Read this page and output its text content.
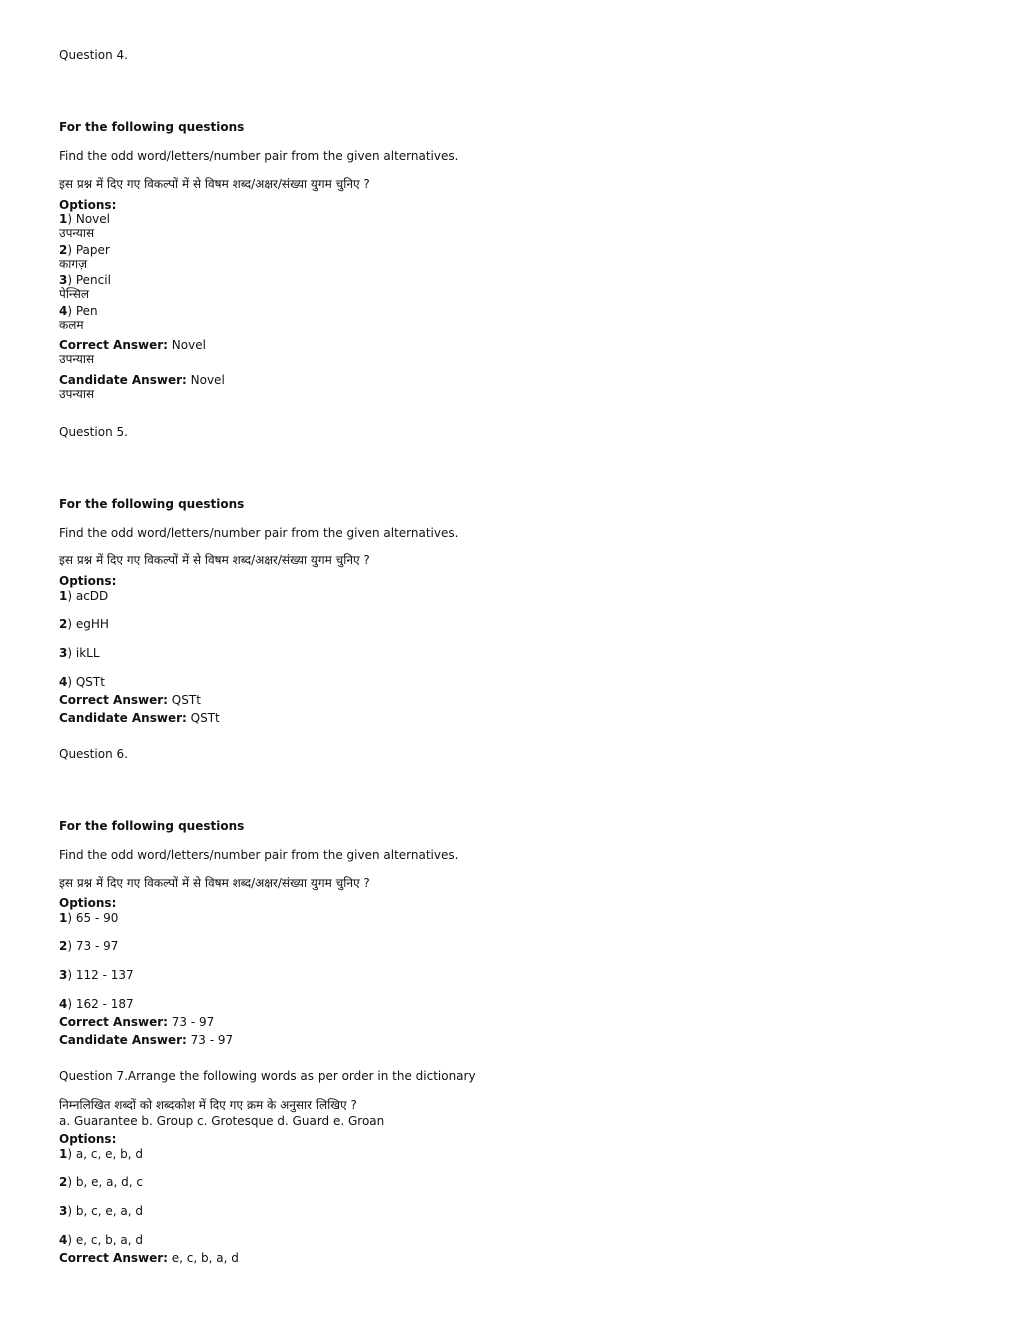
Question 4.
For the following questions
Find the odd word/letters/number pair from the given alternatives.
इस प्रश्न में दिए गए विकल्पों में से विषम शब्द/अक्षर/संख्या युगम चुनिए ?
Options:
1) Novel
उपन्यास
2) Paper
कागज़
3) Pencil
पेन्सिल
4) Pen
कलम
Correct Answer: Novel
उपन्यास
Candidate Answer: Novel
उपन्यास
Question 5.
For the following questions
Find the odd word/letters/number pair from the given alternatives.
इस प्रश्न में दिए गए विकल्पों में से विषम शब्द/अक्षर/संख्या युगम चुनिए ?
Options:
1) acDD
2) egHH
3) ikLL
4) QSTt
Correct Answer: QSTt
Candidate Answer: QSTt
Question 6.
For the following questions
Find the odd word/letters/number pair from the given alternatives.
इस प्रश्न में दिए गए विकल्पों में से विषम शब्द/अक्षर/संख्या युगम चुनिए ?
Options:
1) 65 - 90
2) 73 - 97
3) 112 - 137
4) 162 - 187
Correct Answer: 73 - 97
Candidate Answer: 73 - 97
Question 7.Arrange the following words as per order in the dictionary
निम्नलिखित शब्दों को शब्दकोश में दिए गए क्रम के अनुसार लिखिए ?
a. Guarantee b. Group c. Grotesque d. Guard e. Groan
Options:
1) a, c, e, b, d
2) b, e, a, d, c
3) b, c, e, a, d
4) e, c, b, a, d
Correct Answer: e, c, b, a, d
